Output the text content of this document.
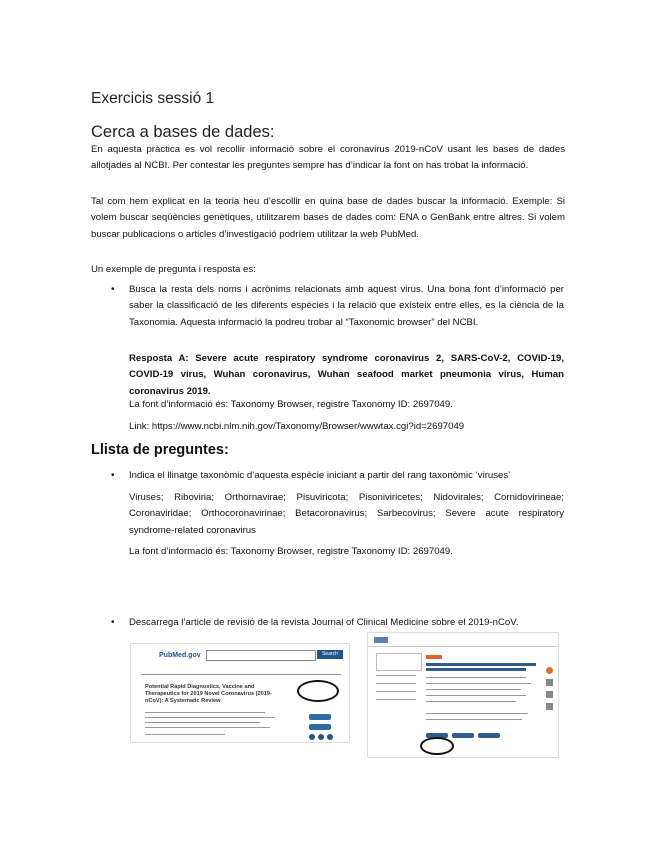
Exercicis sessió 1
Cerca a bases de dades:
En aquesta pràctica es vol recollir informació sobre el coronavirus 2019-nCoV usant les bases de dades allotjades al NCBI. Per contestar les preguntes sempre has d’indicar la font on has trobat la informació.
Tal com hem explicat en la teoria heu d’escollir en quina base de dades buscar la informació. Exemple: Si volem buscar seqüències genètiques, utilitzarem bases de dades com: ENA o GenBank entre altres. Si volem buscar publicacions o articles d’investigació podríem utilitzar la web PubMed.
Un exemple de pregunta i resposta es:
• Busca la resta dels noms i acrònims relacionats amb aquest virus. Una bona font d’informació per saber la classificació de les diferents espècies i la relació que existeix entre elles, es la ciència de la Taxonomia. Aquesta informació la podreu trobar al “Taxonomic browser” del NCBI.
Resposta A: Severe acute respiratory syndrome coronavirus 2, SARS-CoV-2, COVID-19, COVID-19 virus, Wuhan coronavirus, Wuhan seafood market pneumonia virus, Human coronavirus 2019.
La font d’informació és: Taxonomy Browser, registre Taxonomy ID: 2697049.
Link: https://www.ncbi.nlm.nih.gov/Taxonomy/Browser/wwwtax.cgi?id=2697049
Llista de preguntes:
• Indica el llinatge taxonòmic d’aquesta espècie iniciant a partir del rang taxonòmic ‘viruses’
Viruses; Riboviria; Orthornavirae; Pisuviricota; Pisoniviricetes; Nidovirales; Cornidovirineae; Coronaviridae; Orthocoronavirinae; Betacoronavirus; Sarbecovirus; Severe acute respiratory syndrome-related coronavirus
La font d’informació és: Taxonomy Browser, registre Taxonomy ID: 2697049.
• Descarrega l’article de revisió de la revista Journal of Clinical Medicine sobre el 2019-nCoV.
PubMed.gov	Search
Potential Rapid Diagnostics, Vaccine and Therapeutics for 2019 Novel Coronavirus (2019-nCoV): A Systematic Review
